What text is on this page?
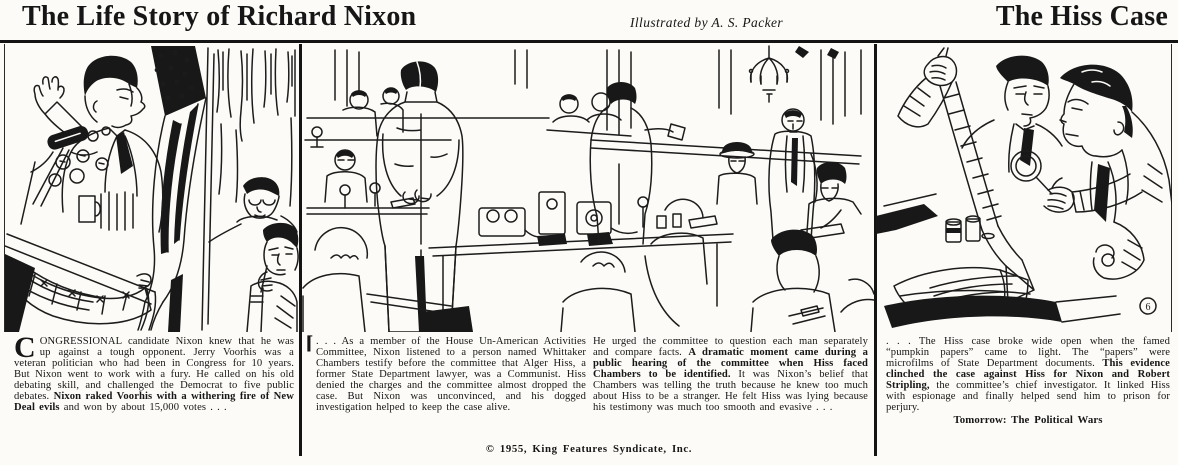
The Life Story of Richard Nixon	Illustrated by A. S. Packer	The Hiss Case
6

CONGRESSIONAL candidate Nixon knew that he was up against a tough opponent. Jerry Voorhis was a veteran politician who had been in Congress for 10 years. But Nixon went to work with a fury. He called on his old debating skill, and challenged the Democrat to five public debates. Nixon raked Voorhis with a withering fire of New Deal evils and won by about 15,000 votes . . .

⌈ . . . As a member of the House Un-American Activities Committee, Nixon listened to a person named Whittaker Chambers testify before the committee that Alger Hiss, a former State Department lawyer, was a Communist. Hiss denied the charges and the committee almost dropped the case. But Nixon was unconvinced, and his dogged investigation helped to keep the case alive.

He urged the committee to question each man separately and compare facts. A dramatic moment came during a public hearing of the committee when Hiss faced Chambers to be identified. It was Nixon’s belief that Chambers was telling the truth because he knew too much about Hiss to be a stranger. He felt Hiss was lying because his testimony was much too smooth and evasive . . .

. . . The Hiss case broke wide open when the famed “pumpkin papers” came to light. The “papers” were microfilms of State Department documents. This evidence clinched the case against Hiss for Nixon and Robert Stripling, the committee’s chief investigator. It linked Hiss with espionage and finally helped send him to prison for perjury.

Tomorrow: The Political Wars
© 1955, King Features Syndicate, Inc.
